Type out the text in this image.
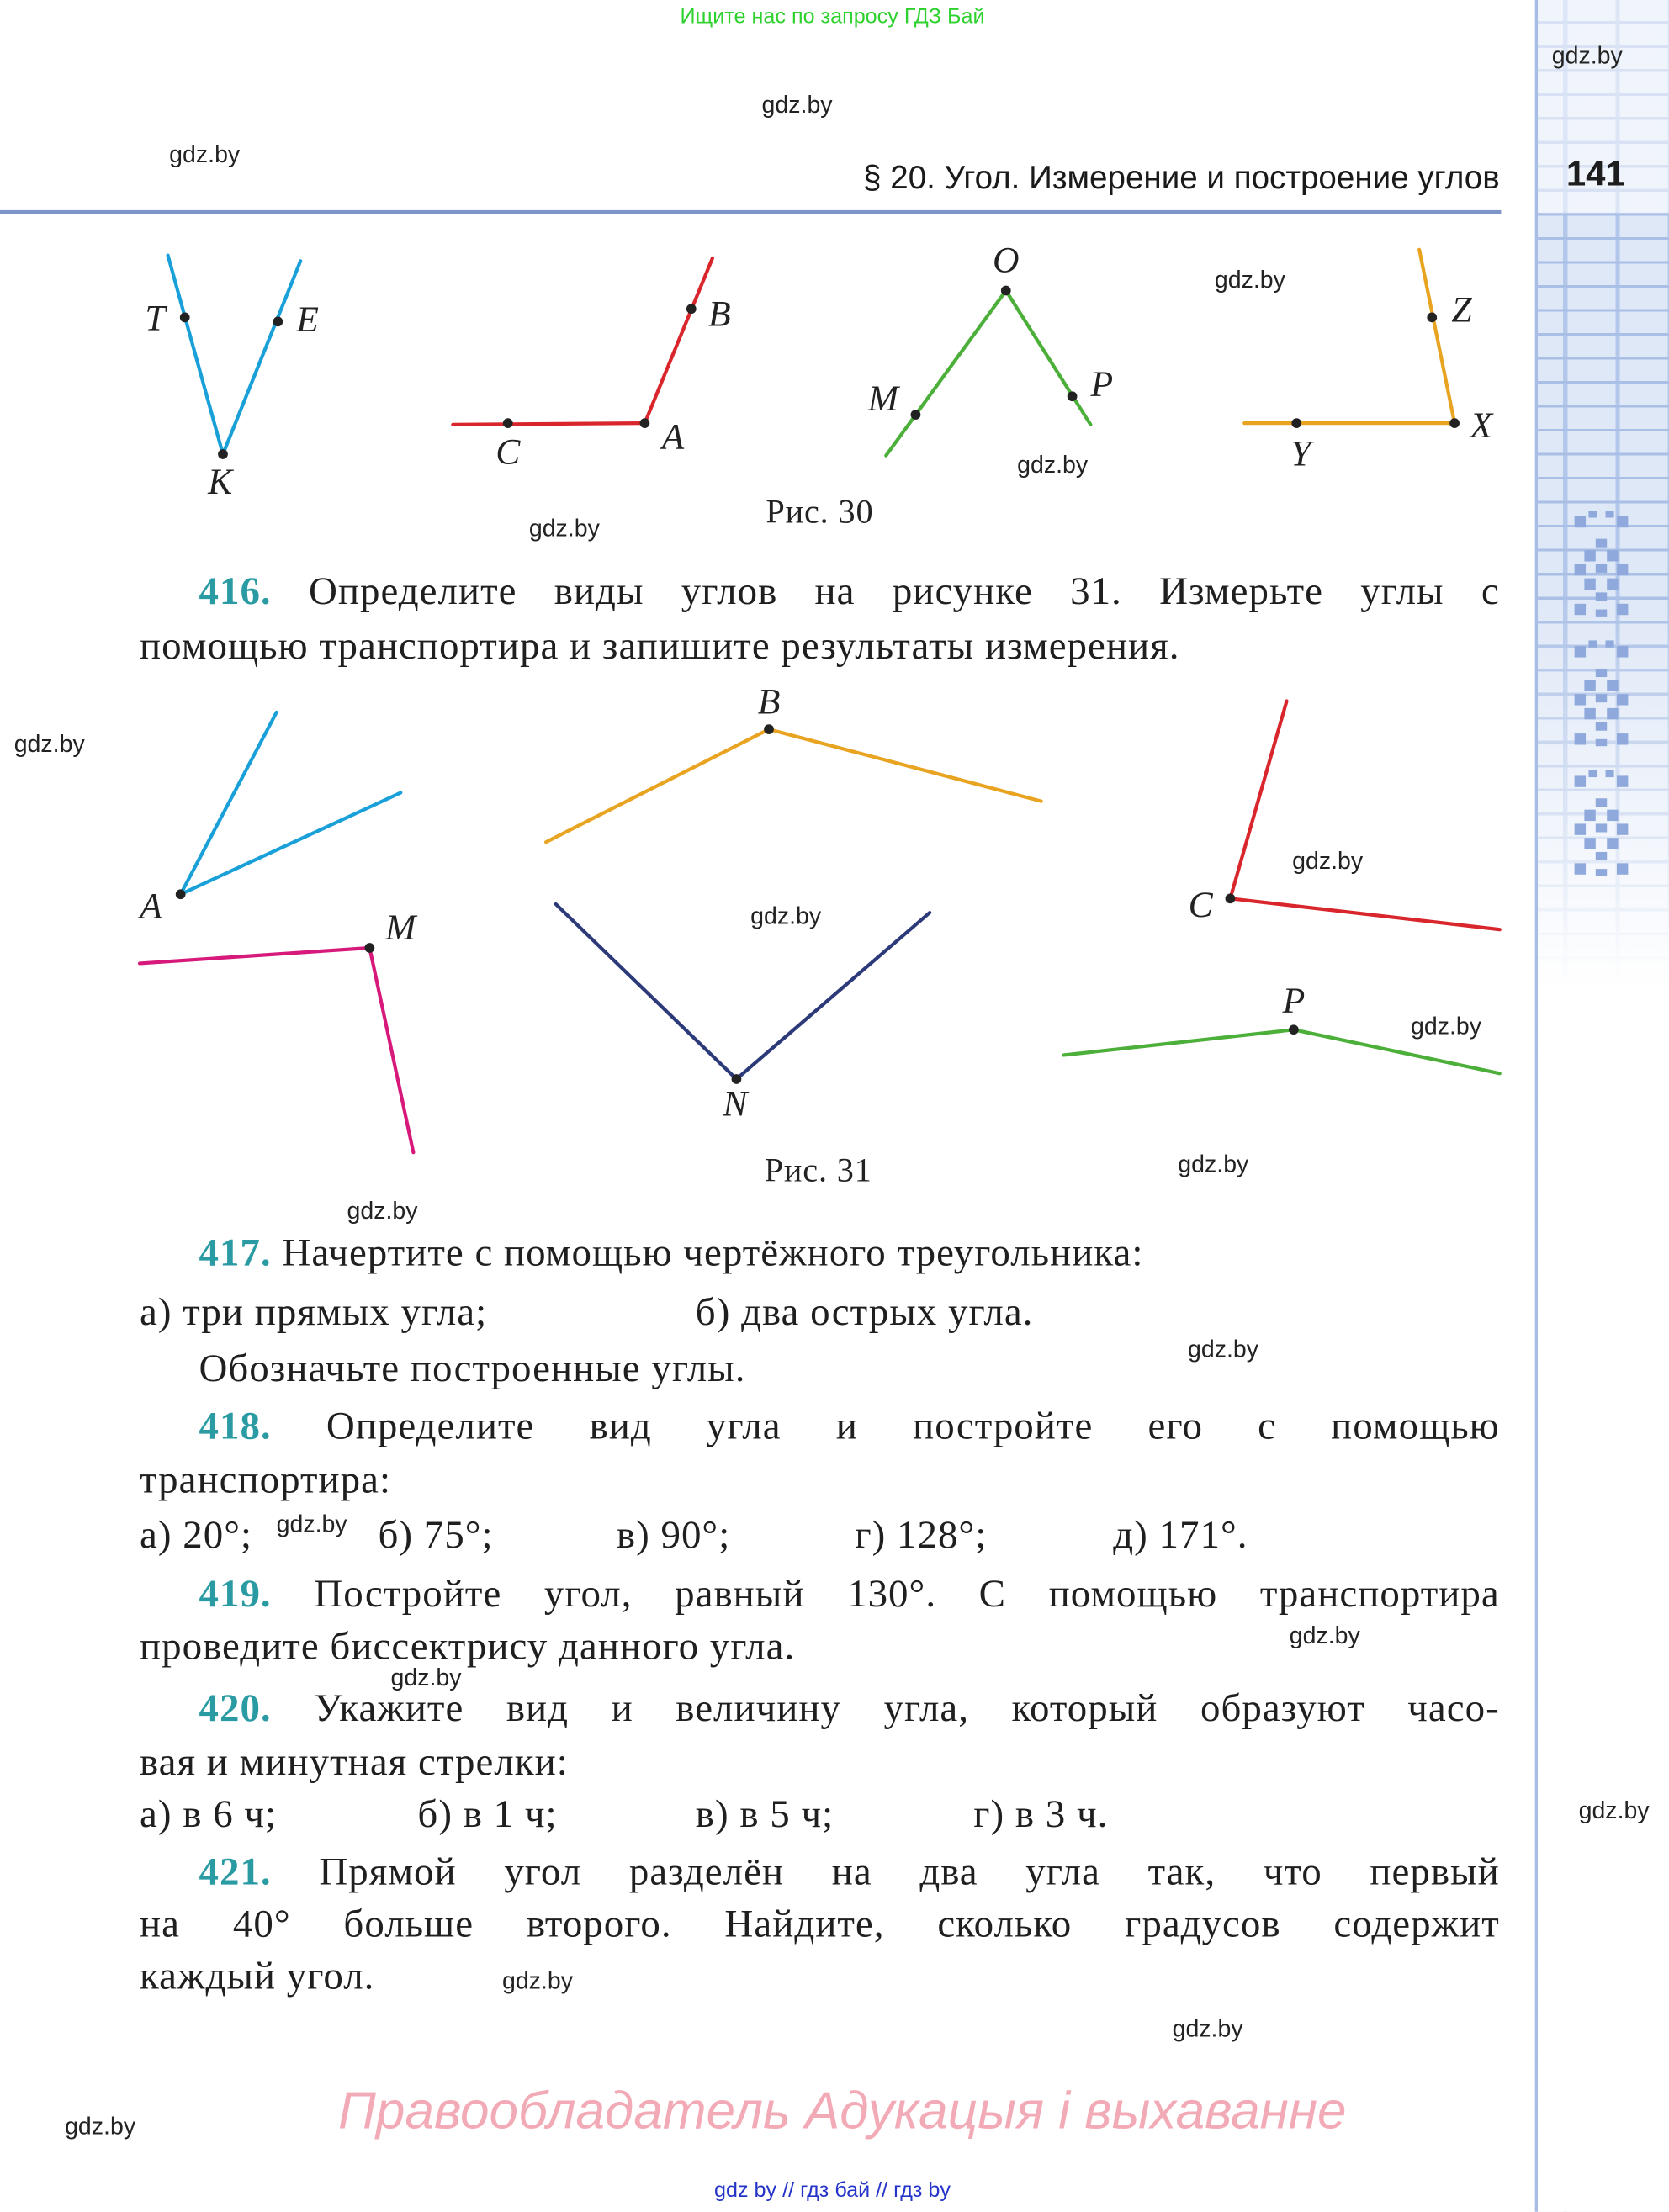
141
Ищите нас по запросу ГДЗ Бай
§ 20. Угол. Измерение и построение углов
T	E
K
B
C	A
O
M	P
Z
X
Y
A
B
C
M
N
P
Рис. 30
Рис. 31
416. Определите виды углов на рисунке 31. Измерьте углы с
помощью транспортира и запишите результаты измерения.
417. Начертите с помощью чертёжного треугольника:
а) три прямых угла;	б) два острых угла.
Обозначьте построенные углы.
418. Определите вид угла и постройте его с помощью
транспортира:
а) 20°;	б) 75°;	в) 90°;	г) 128°;	д) 171°.
419. Постройте угол, равный 130°. С помощью транспортира
проведите биссектрису данного угла.
420. Укажите вид и величину угла, который образуют часо-
вая и минутная стрелки:
а) в 6 ч;	б) в 1 ч;	в) в 5 ч;	г) в 3 ч.
421. Прямой угол разделён на два угла так, что первый
на 40° больше второго. Найдите, сколько градусов содержит
каждый угол.
Правообладатель Адукацыя і выхаванне
gdz by // гдз бай // гдз by
gdz.by
gdz.by
gdz.by
gdz.by
gdz.by
gdz.by
gdz.by
gdz.by
gdz.by
gdz.by
gdz.by
gdz.by
gdz.by
gdz.by
gdz.by
gdz.by
gdz.by
gdz.by
gdz.by
gdz.by
